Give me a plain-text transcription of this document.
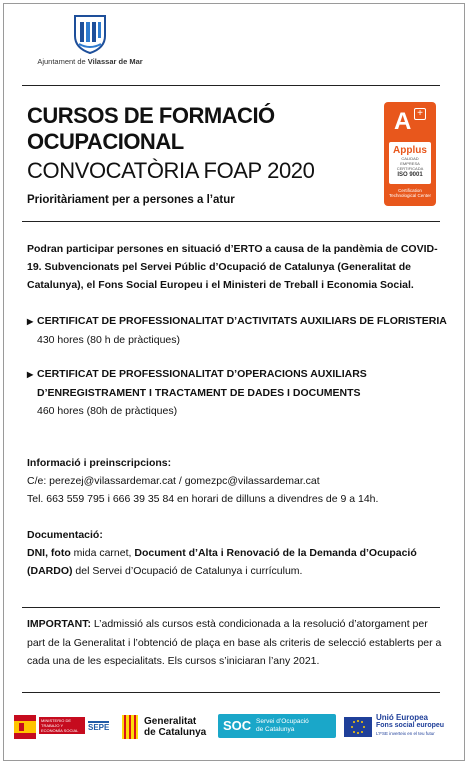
Ajuntament de Vilassar de Mar
CURSOS DE FORMACIÓ
OCUPACIONAL
CONVOCATÒRIA FOAP 2020
Prioritàriament per a persones a l’atur
A +
Applus
CALIDAD
EMPRESA CERTIFICADA
ISO 9001
Certification Technological Center
Podran participar persones en situació d’ERTO a causa de la pandèmia de COVID-19. Subvencionats pel Servei Públic d’Ocupació de Catalunya (Generalitat de Catalunya), el Fons Social Europeu i el Ministeri de Treball i Economia Social.
▶ CERTIFICAT DE PROFESSIONALITAT D’ACTIVITATS AUXILIARS DE FLORISTERIA
430 hores (80 h de pràctiques)
▶ CERTIFICAT DE PROFESSIONALITAT D’OPERACIONS AUXILIARS
D’ENREGISTRAMENT I TRACTAMENT DE DADES I DOCUMENTS
460 hores (80h de pràctiques)
Informació i preinscripcions:
C/e: perezej@vilassardemar.cat / gomezpc@vilassardemar.cat
Tel. 663 559 795 i 666 39 35 84 en horari de dilluns a divendres de 9 a 14h.
Documentació:
DNI, foto mida carnet, Document d’Alta i Renovació de la Demanda d’Ocupació (DARDO) del Servei d’Ocupació de Catalunya i currículum.
IMPORTANT: L’admissió als cursos està condicionada a la resolució d’atorgament per part de la Generalitat i l’obtenció de plaça en base als criteris de selecció establerts per a cada una de les especialitats. Els cursos s’iniciaran l’any 2021.
MINISTERIO DE TRABAJO Y ECONOMÍA SOCIAL	SEPE
Generalitat
de Catalunya SOC Servei d’Ocupació
de Catalunya
Unió Europea
Fons social europeu
L’FSE inverteix en el teu futur
